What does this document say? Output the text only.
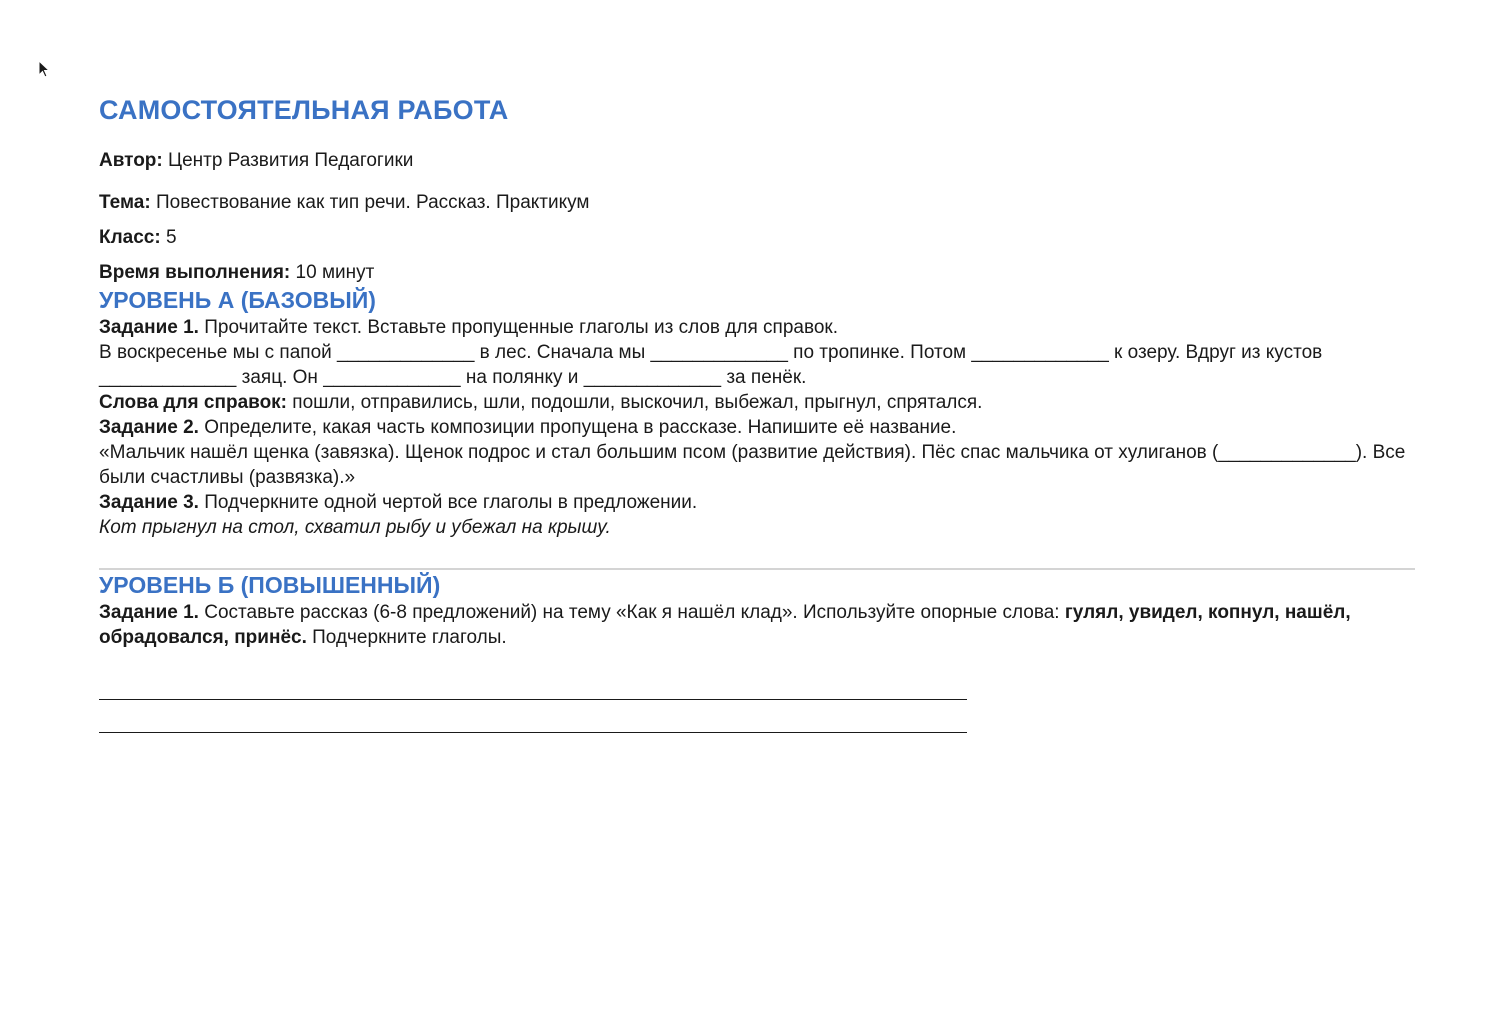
САМОСТОЯТЕЛЬНАЯ РАБОТА

Автор: Центр Развития Педагогики

Тема: Повествование как тип речи. Рассказ. Практикум

Класс: 5

Время выполнения: 10 минут

УРОВЕНЬ А (БАЗОВЫЙ)

Задание 1. Прочитайте текст. Вставьте пропущенные глаголы из слов для справок.

В воскресенье мы с папой _____________ в лес. Сначала мы _____________ по тропинке. Потом _____________ к озеру. Вдруг из кустов _____________ заяц. Он _____________ на полянку и _____________ за пенёк.

Слова для справок: пошли, отправились, шли, подошли, выскочил, выбежал, прыгнул, спрятался.

Задание 2. Определите, какая часть композиции пропущена в рассказе. Напишите её название.

«Мальчик нашёл щенка (завязка). Щенок подрос и стал большим псом (развитие действия). Пёс спас мальчика от хулиганов (_____________). Все были счастливы (развязка).»

Задание 3. Подчеркните одной чертой все глаголы в предложении.

Кот прыгнул на стол, схватил рыбу и убежал на крышу.

УРОВЕНЬ Б (ПОВЫШЕННЫЙ)

Задание 1. Составьте рассказ (6-8 предложений) на тему «Как я нашёл клад». Используйте опорные слова: гулял, увидел, копнул, нашёл, обрадовался, принёс. Подчеркните глаголы.
